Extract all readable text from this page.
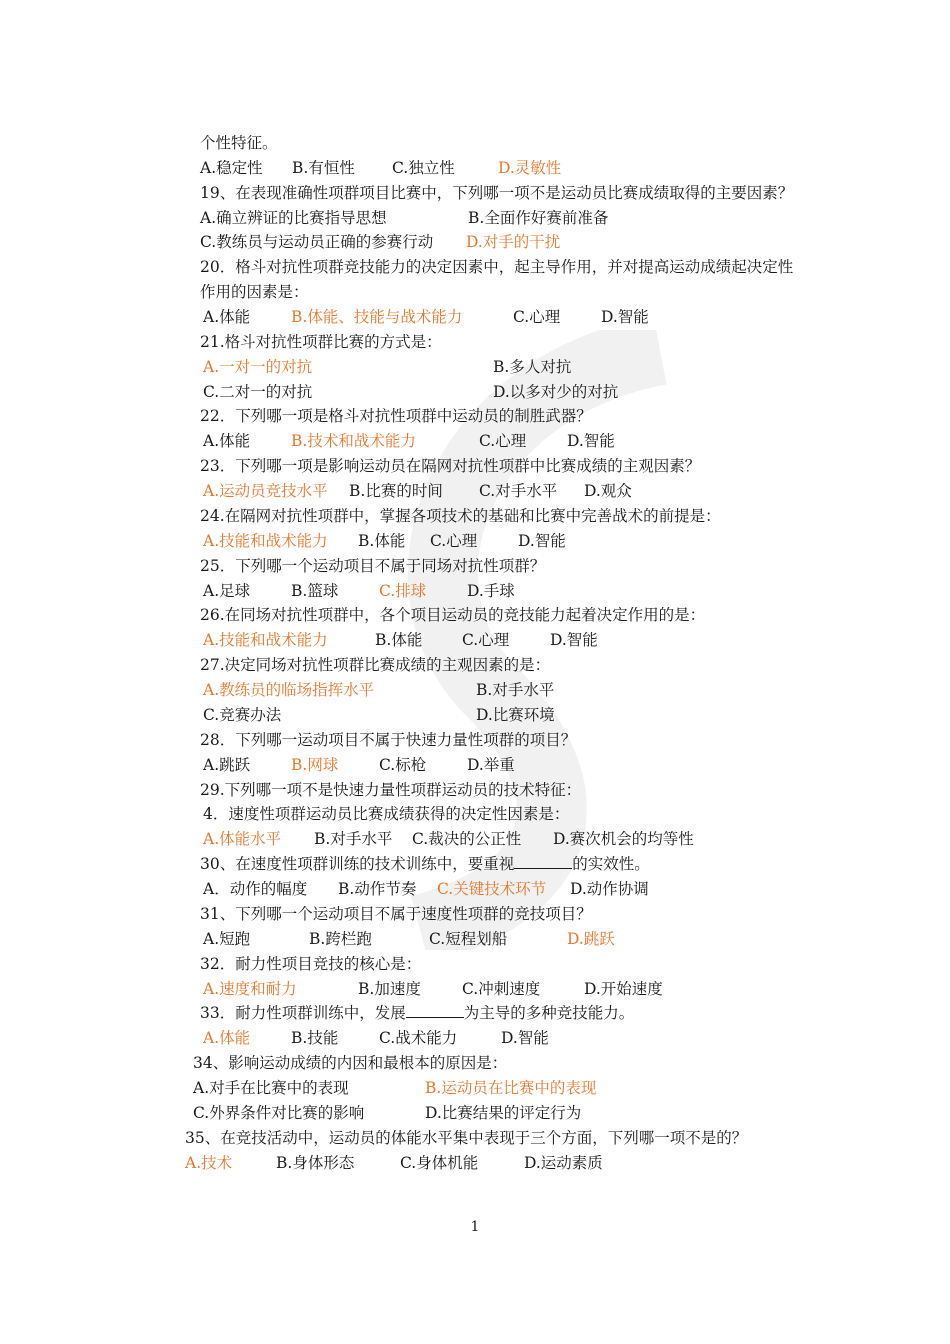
个性特征。
A.稳定性 B.有恒性 C.独立性	D.灵敏性
19、在表现准确性项群项目比赛中，下列哪一项不是运动员比赛成绩取得的主要因素？
A.确立辨证的比赛指导思想	B.全面作好赛前准备
C.教练员与运动员正确的参赛行动 D.对手的干扰
20．格斗对抗性项群竞技能力的决定因素中，起主导作用，并对提高运动成绩起决定性
作用的因素是：
A.体能	B.体能、技能与战术能力	C.心理	D.智能
21.格斗对抗性项群比赛的方式是：
A.一对一的对抗	B.多人对抗
C.二对一的对抗	D.以多对少的对抗
22．下列哪一项是格斗对抗性项群中运动员的制胜武器？
A.体能	B.技术和战术能力	C.心理	D.智能
23．下列哪一项是影响运动员在隔网对抗性项群中比赛成绩的主观因素？
A.运动员竞技水平 B.比赛的时间 C.对手水平 D.观众
24.在隔网对抗性项群中，掌握各项技术的基础和比赛中完善战术的前提是：
A.技能和战术能力 B.体能 C.心理	D.智能
25．下列哪一个运动项目不属于同场对抗性项群？
A.足球	B.篮球	C.排球	D.手球
26.在同场对抗性项群中，各个项目运动员的竞技能力起着决定作用的是：
A.技能和战术能力	B.体能	C.心理	D.智能
27.决定同场对抗性项群比赛成绩的主观因素的是：
A.教练员的临场指挥水平	B.对手水平
C.竞赛办法	D.比赛环境
28．下列哪一运动项目不属于快速力量性项群的项目？
A.跳跃	B.网球	C.标枪	D.举重
29.下列哪一项不是快速力量性项群运动员的技术特征：
4．速度性项群运动员比赛成绩获得的决定性因素是：
A.体能水平 B.对手水平 C.裁决的公正性 D.赛次机会的均等性
30、在速度性项群训练的技术训练中，要重视	的实效性。
A．动作的幅度 B.动作节奏 C.关键技术环节 D.动作协调
31、下列哪一个运动项目不属于速度性项群的竞技项目？
A.短跑	B.跨栏跑	C.短程划船	D.跳跃
32．耐力性项目竞技的核心是：
A.速度和耐力	B.加速度	C.冲刺速度	D.开始速度
33．耐力性项群训练中，发展	为主导的多种竞技能力。
A.体能	B.技能	C.战术能力	D.智能
34、影响运动成绩的内因和最根本的原因是：
A.对手在比赛中的表现	B.运动员在比赛中的表现
C.外界条件对比赛的影响	D.比赛结果的评定行为
35、在竞技活动中，运动员的体能水平集中表现于三个方面，下列哪一项不是的？
A.技术	B.身体形态	C.身体机能	D.运动素质
1
